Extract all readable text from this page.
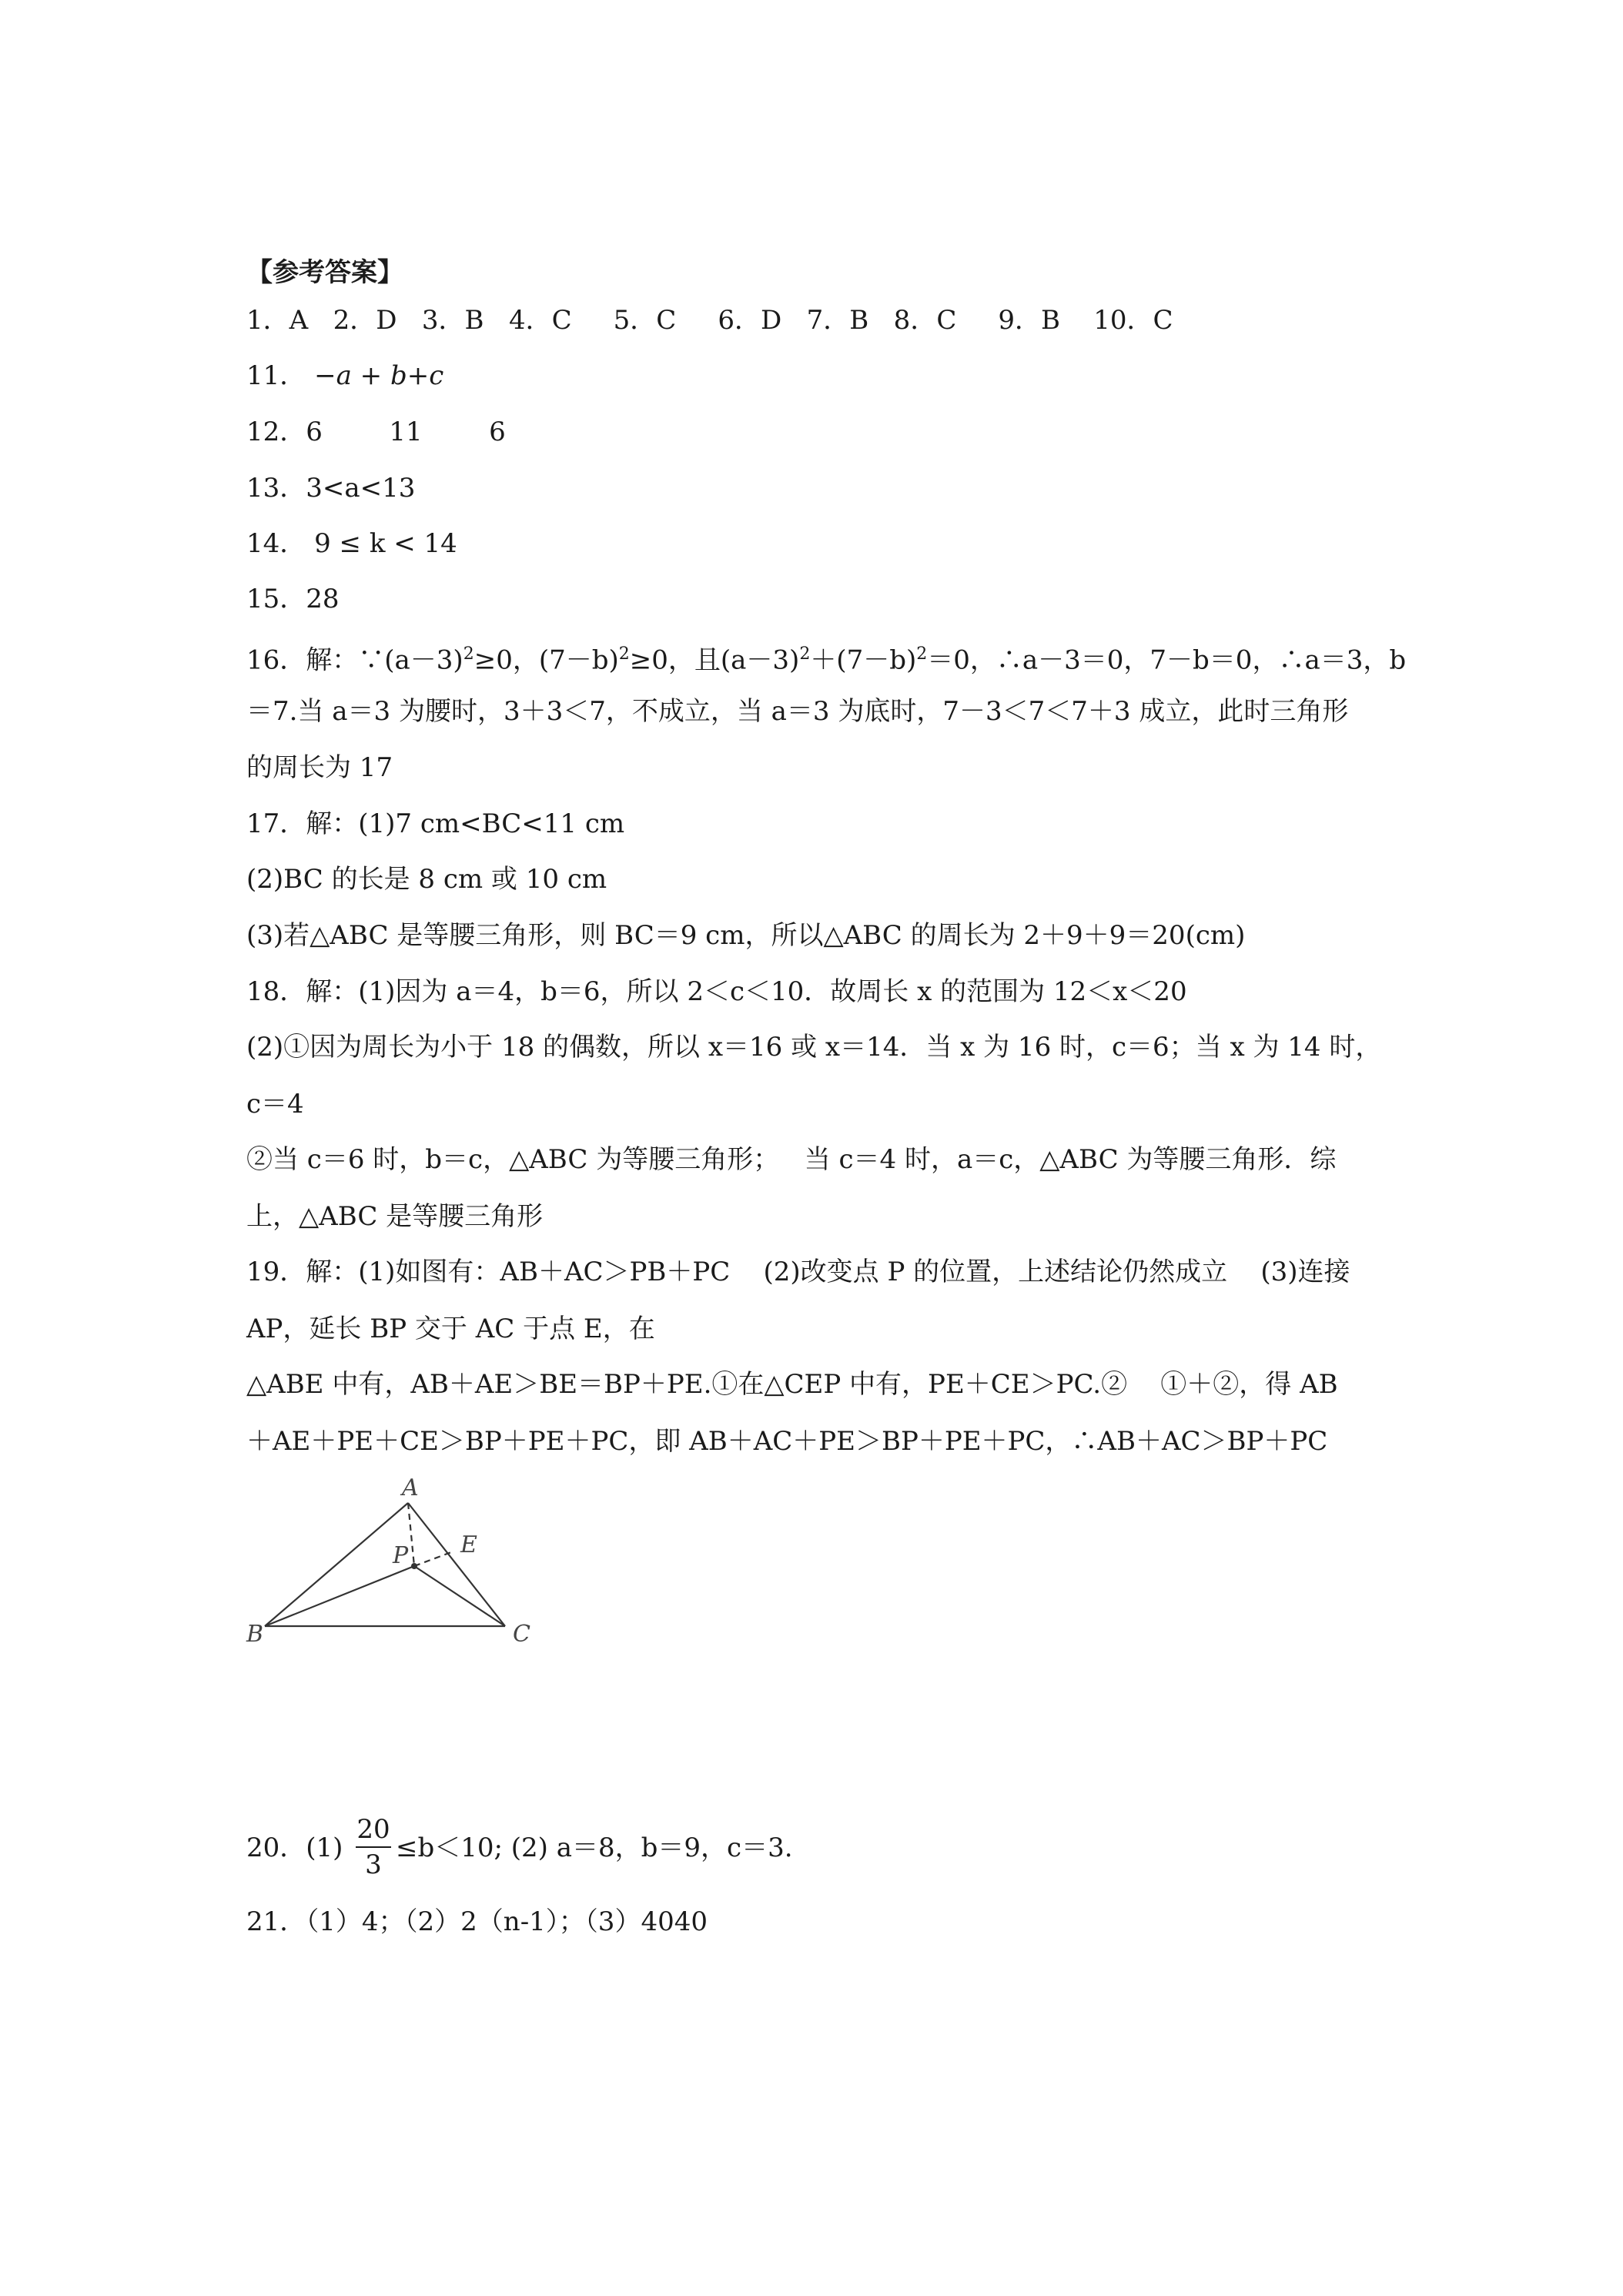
【参考答案】
1．A   2．D   3．B   4．C     5．C     6．D   7．B   8．C     9．B    10．C
11． −a + b+c
12．6        11        6
13．3<a<13
14． 9 ≤ k < 14
15．28
16．解：$\because(a-3)^2\ge 0$，$(7-b)^2\ge 0$，且$(a-3)^2+(7-b)^2=0$，∴a－3＝0，7－b＝0，∴a＝3，b
＝7.当 a＝3 为腰时，3＋3＜7，不成立，当 a＝3 为底时，7－3＜7＜7＋3 成立，此时三角形
的周长为 17
17．解：(1)7 cm<BC<11 cm
(2)BC 的长是 8 cm 或 10 cm
(3)若△ABC 是等腰三角形，则 BC＝9 cm，所以△ABC 的周长为 2＋9＋9＝20(cm)
18．解：(1)因为 a＝4，b＝6，所以 2＜c＜10．故周长 x 的范围为 12＜x＜20
(2)①因为周长为小于 18 的偶数，所以 x＝16 或 x＝14．当 x 为 16 时，c＝6；当 x 为 14 时，
c＝4
②当 c＝6 时，b＝c，△ABC 为等腰三角形；   当 c＝4 时，a＝c，△ABC 为等腰三角形．综
上，△ABC 是等腰三角形
19．解：(1)如图有：AB＋AC＞PB＋PC    (2)改变点 P 的位置，上述结论仍然成立    (3)连接
AP，延长 BP 交于 AC 于点 E，在
△ABE 中有，AB＋AE＞BE＝BP＋PE.①在△CEP 中有，PE＋CE＞PC.②    ①＋②，得 AB
＋AE＋PE＋CE＞BP＋PE＋PC，即 AB＋AC＋PE＞BP＋PE＋PC，∴AB＋AC＞BP＋PC
A
B	C
P E
20．$(1) \frac{20}{3} \le b<10$; (2) a＝8，b＝9，c＝3.
21．（1）4；（2）2（n-1）；（3）4040
